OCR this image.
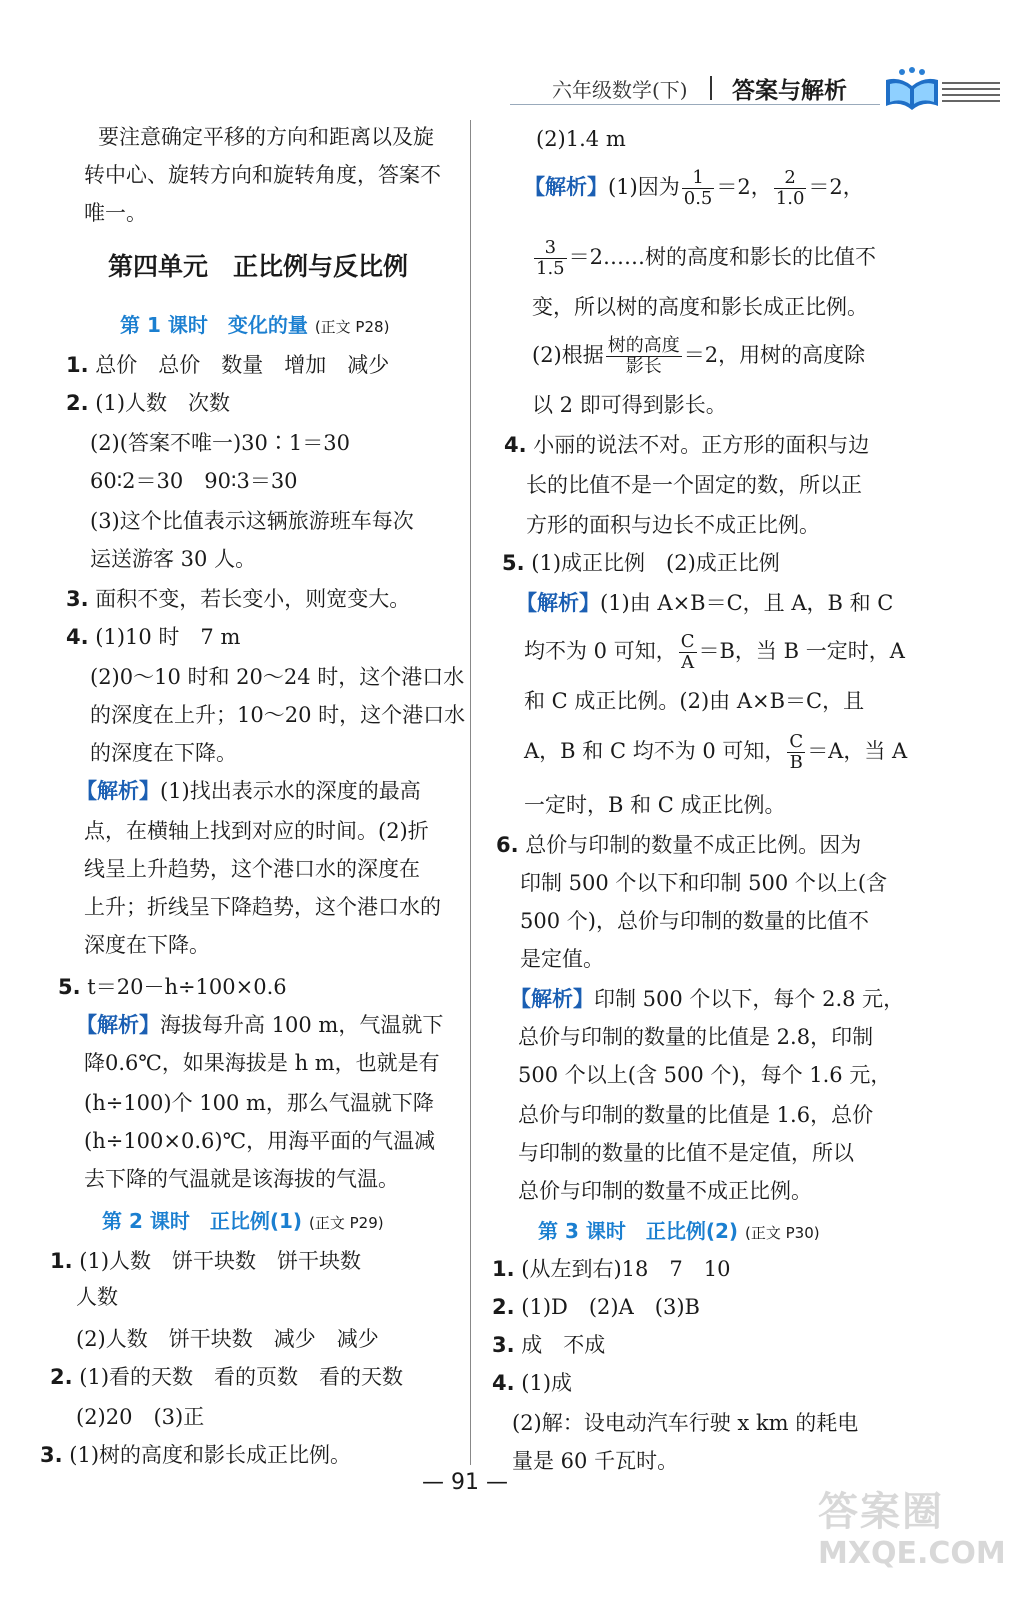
六年级数学(下) 答案与解析
要注意确定平移的方向和距离以及旋
转中心、旋转方向和旋转角度，答案不
唯一。
第四单元　正比例与反比例
第 1 课时　变化的量 (正文 P28)
1. 总价　总价　数量　增加　减少
2. (1)人数　次数
(2)(答案不唯一)30∶1＝30
60∶2＝30　90∶3＝30
(3)这个比值表示这辆旅游班车每次
运送游客 30 人。
3. 面积不变，若长变小，则宽变大。
4. (1)10 时　7 m
(2)0～10 时和 20～24 时，这个港口水
的深度在上升；10～20 时，这个港口水
的深度在下降。
【解析】(1)找出表示水的深度的最高
点，在横轴上找到对应的时间。(2)折
线呈上升趋势，这个港口水的深度在
上升；折线呈下降趋势，这个港口水的
深度在下降。
5. t＝20－h÷100×0.6
【解析】海拔每升高 100 m，气温就下
降0.6℃，如果海拔是 h m，也就是有
(h÷100)个 100 m，那么气温就下降
(h÷100×0.6)℃，用海平面的气温减
去下降的气温就是该海拔的气温。
第 2 课时　正比例(1) (正文 P29)
1. (1)人数　饼干块数　饼干块数
人数
(2)人数　饼干块数　减少　减少
2. (1)看的天数　看的页数　看的天数
(2)20　(3)正
3. (1)树的高度和影长成正比例。
(2)1.4 m
【解析】(1)因为 $\frac{1}{0.5} =2$， $\frac{2}{1.0} =2$，
$\frac{3}{1.5}$ ＝2……树的高度和影长的比值不
变，所以树的高度和影长成正比例。
(2)根据 $\frac{\text{树的高度}}{\text{影长}} =2$，用树的高度除
以 2 即可得到影长。
4. 小丽的说法不对。正方形的面积与边
长的比值不是一个固定的数，所以正
方形的面积与边长不成正比例。
5. (1)成正比例　(2)成正比例
【解析】(1)由 A×B＝C，且 A，B 和 C
均不为 0 可知， $\frac{C}{A} =B$，当 B 一定时，A
和 C 成正比例。(2)由 A×B＝C，且
A，B 和 C 均不为 0 可知， $\frac{C}{B} =A$，当 A
一定时，B 和 C 成正比例。
6. 总价与印制的数量不成正比例。因为
印制 500 个以下和印制 500 个以上(含
500 个)，总价与印制的数量的比值不
是定值。
【解析】印制 500 个以下，每个 2.8 元，
总价与印制的数量的比值是 2.8，印制
500 个以上(含 500 个)，每个 1.6 元，
总价与印制的数量的比值是 1.6，总价
与印制的数量的比值不是定值，所以
总价与印制的数量不成正比例。
第 3 课时　正比例(2) (正文 P30)
1. (从左到右)18　7　10
2. (1)D　(2)A　(3)B
3. 成　不成
4. (1)成
(2)解：设电动汽车行驶 x km 的耗电
量是 60 千瓦时。
— 91 —
答案圈
MXQE.COM
